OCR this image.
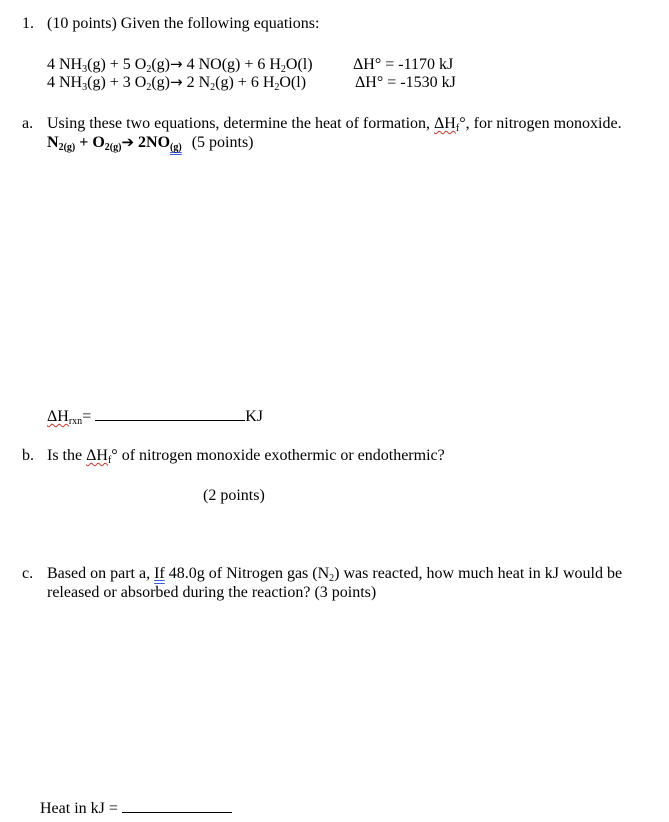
1. (10 points) Given the following equations:
4 $NH_3(g) + 5$ $O_2(g)\to 4$ NO(g) + 6 $H_2O(l)$	ΔH° = -1170 kJ
4 $NH_3(g) + 3$ $O_2(g)\to 2$ $N_2(g) + 6$ $H_2O(l)$	ΔH° = -1530 kJ
a. Using these two equations, determine the heat of formation, $\Delta H_f^\circ$, for nitrogen monoxide.
$N_{2(g)}$ + $O_{2(g)}➔$ $2NO_{(g)}$ (5 points)
$\Delta H_{rxn}=$	KJ
b. Is the $\Delta H_f^\circ$ of nitrogen monoxide exothermic or endothermic?
(2 points)
c. Based on part a, If 48.0g of Nitrogen gas $(N_2)$ was reacted, how much heat in kJ would be
released or absorbed during the reaction? (3 points)
Heat in kJ =
